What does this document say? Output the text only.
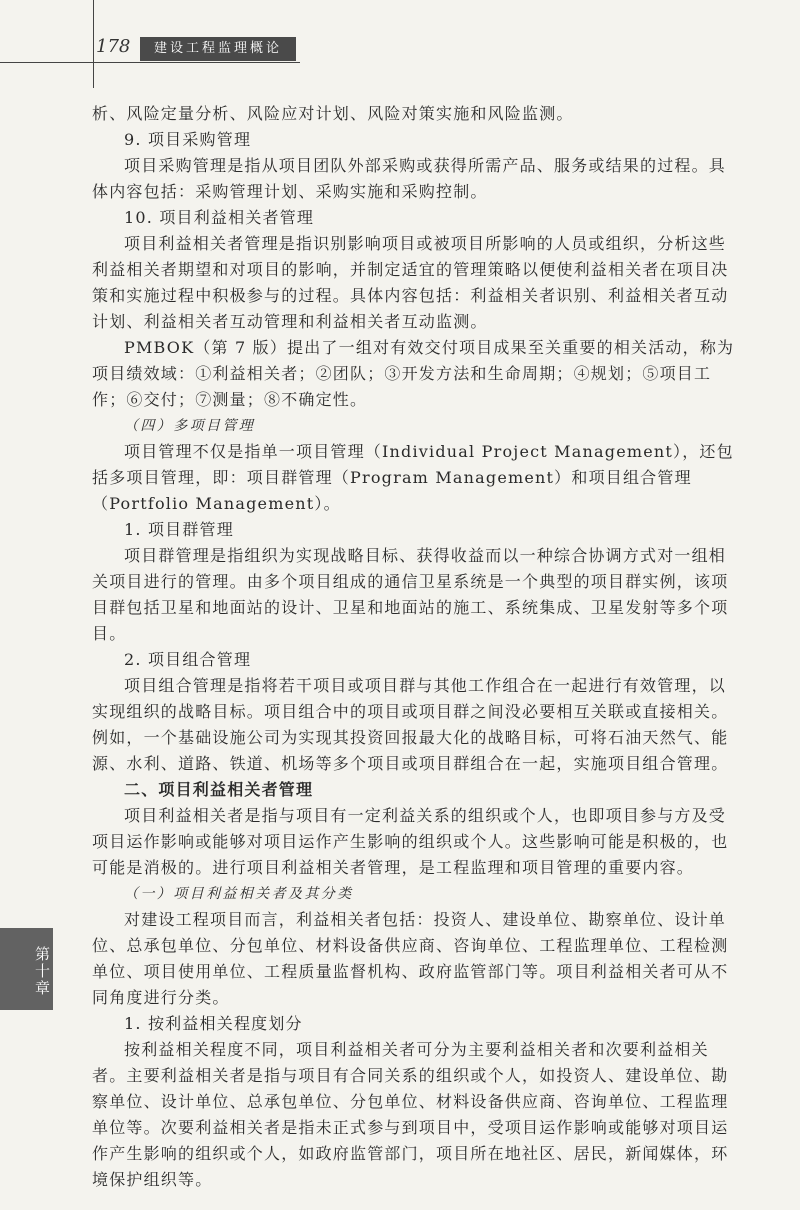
178	建设工程监理概论

析、风险定量分析、风险应对计划、风险对策实施和风险监测。

9. 项目采购管理

项目采购管理是指从项目团队外部采购或获得所需产品、服务或结果的过程。具体内容包括：采购管理计划、采购实施和采购控制。

10. 项目利益相关者管理

项目利益相关者管理是指识别影响项目或被项目所影响的人员或组织，分析这些利益相关者期望和对项目的影响，并制定适宜的管理策略以便使利益相关者在项目决策和实施过程中积极参与的过程。具体内容包括：利益相关者识别、利益相关者互动计划、利益相关者互动管理和利益相关者互动监测。

PMBOK（第 7 版）提出了一组对有效交付项目成果至关重要的相关活动，称为项目绩效域：①利益相关者；②团队；③开发方法和生命周期；④规划；⑤项目工作；⑥交付；⑦测量；⑧不确定性。

（四）多项目管理

项目管理不仅是指单一项目管理（Individual Project Management），还包括多项目管理，即：项目群管理（Program Management）和项目组合管理（Portfolio Management）。

1. 项目群管理

项目群管理是指组织为实现战略目标、获得收益而以一种综合协调方式对一组相关项目进行的管理。由多个项目组成的通信卫星系统是一个典型的项目群实例，该项目群包括卫星和地面站的设计、卫星和地面站的施工、系统集成、卫星发射等多个项目。

2. 项目组合管理

项目组合管理是指将若干项目或项目群与其他工作组合在一起进行有效管理，以实现组织的战略目标。项目组合中的项目或项目群之间没必要相互关联或直接相关。例如，一个基础设施公司为实现其投资回报最大化的战略目标，可将石油天然气、能源、水利、道路、铁道、机场等多个项目或项目群组合在一起，实施项目组合管理。

二、项目利益相关者管理

项目利益相关者是指与项目有一定利益关系的组织或个人，也即项目参与方及受项目运作影响或能够对项目运作产生影响的组织或个人。这些影响可能是积极的，也可能是消极的。进行项目利益相关者管理，是工程监理和项目管理的重要内容。

（一）项目利益相关者及其分类

对建设工程项目而言，利益相关者包括：投资人、建设单位、勘察单位、设计单位、总承包单位、分包单位、材料设备供应商、咨询单位、工程监理单位、工程检测单位、项目使用单位、工程质量监督机构、政府监管部门等。项目利益相关者可从不同角度进行分类。

1. 按利益相关程度划分

按利益相关程度不同，项目利益相关者可分为主要利益相关者和次要利益相关者。主要利益相关者是指与项目有合同关系的组织或个人，如投资人、建设单位、勘察单位、设计单位、总承包单位、分包单位、材料设备供应商、咨询单位、工程监理单位等。次要利益相关者是指未正式参与到项目中，受项目运作影响或能够对项目运作产生影响的组织或个人，如政府监管部门，项目所在地社区、居民，新闻媒体，环境保护组织等。

第十章
